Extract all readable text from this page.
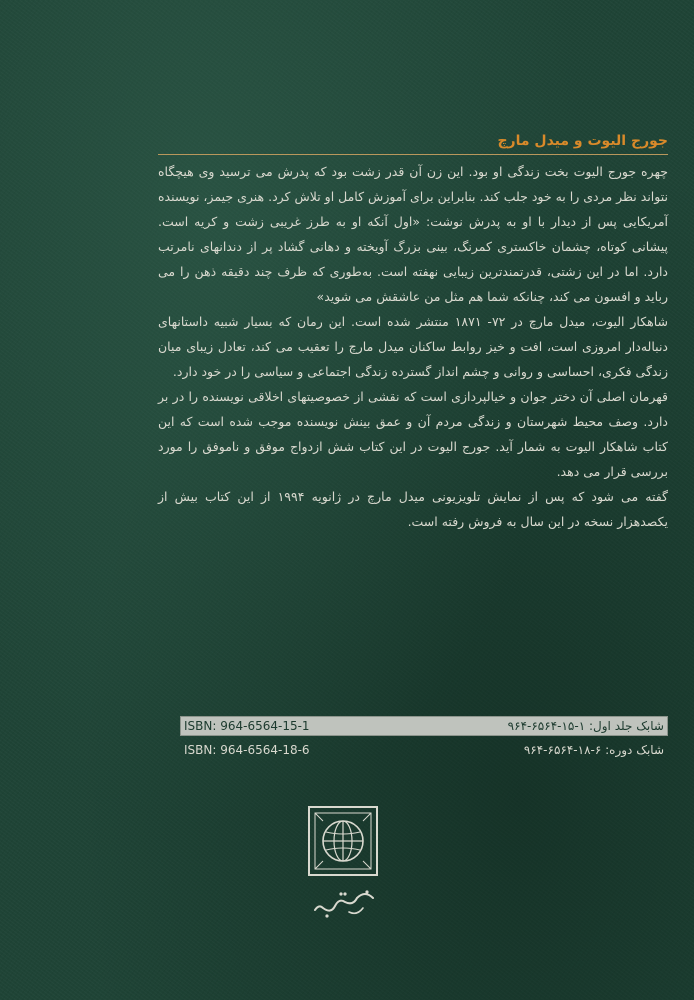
جورج الیوت و میدل مارچ

چهره جورج الیوت بخت زندگی او بود. این زن آن قدر زشت بود که پدرش می ترسید وی هیچگاه نتواند نظر مردی را به خود جلب کند. بنابراین برای آموزش کامل او تلاش کرد. هنری جیمز، نویسنده آمریکایی پس از دیدار با او به پدرش نوشت: «اول آنکه او به طرز غریبی زشت و کریه است. پیشانی کوتاه، چشمان خاکستری کمرنگ، بینی بزرگ آویخته و دهانی گشاد پر از دندانهای نامرتب دارد. اما در این زشتی، قدرتمندترین زیبایی نهفته است. به‌طوری که ظرف چند دقیقه ذهن را می رباید و افسون می کند، چنانکه شما هم مثل من عاشقش می شوید»

شاهکار الیوت، میدل مارچ در ۷۲- ۱۸۷۱ منتشر شده است. این رمان که بسیار شبیه داستانهای دنباله‌دار امروزی است، افت و خیز روابط ساکنان میدل مارچ را تعقیب می کند، تعادل زیبای میان زندگی فکری، احساسی و روانی و چشم انداز گسترده زندگی اجتماعی و سیاسی را در خود دارد.

قهرمان اصلی آن دختر جوان و خیالپردازی است که نقشی از خصوصیتهای اخلاقی نویسنده را در بر دارد. وصف محیط شهرستان و زندگی مردم آن و عمق بینش نویسنده موجب شده است که این کتاب شاهکار الیوت به شمار آید. جورج الیوت در این کتاب شش ازدواج موفق و ناموفق را مورد بررسی قرار می دهد.

گفته می شود که پس از نمایش تلویزیونی میدل مارچ در ژانویه ۱۹۹۴ از این کتاب بیش از یکصدهزار نسخه در این سال به فروش رفته است.

ISBN: 964-6564-15-1	شابک جلد اول: ۱-۱۵-۶۵۶۴-۹۶۴
ISBN: 964-6564-18-6	شابک دوره: ۶-۱۸-۶۵۶۴-۹۶۴
